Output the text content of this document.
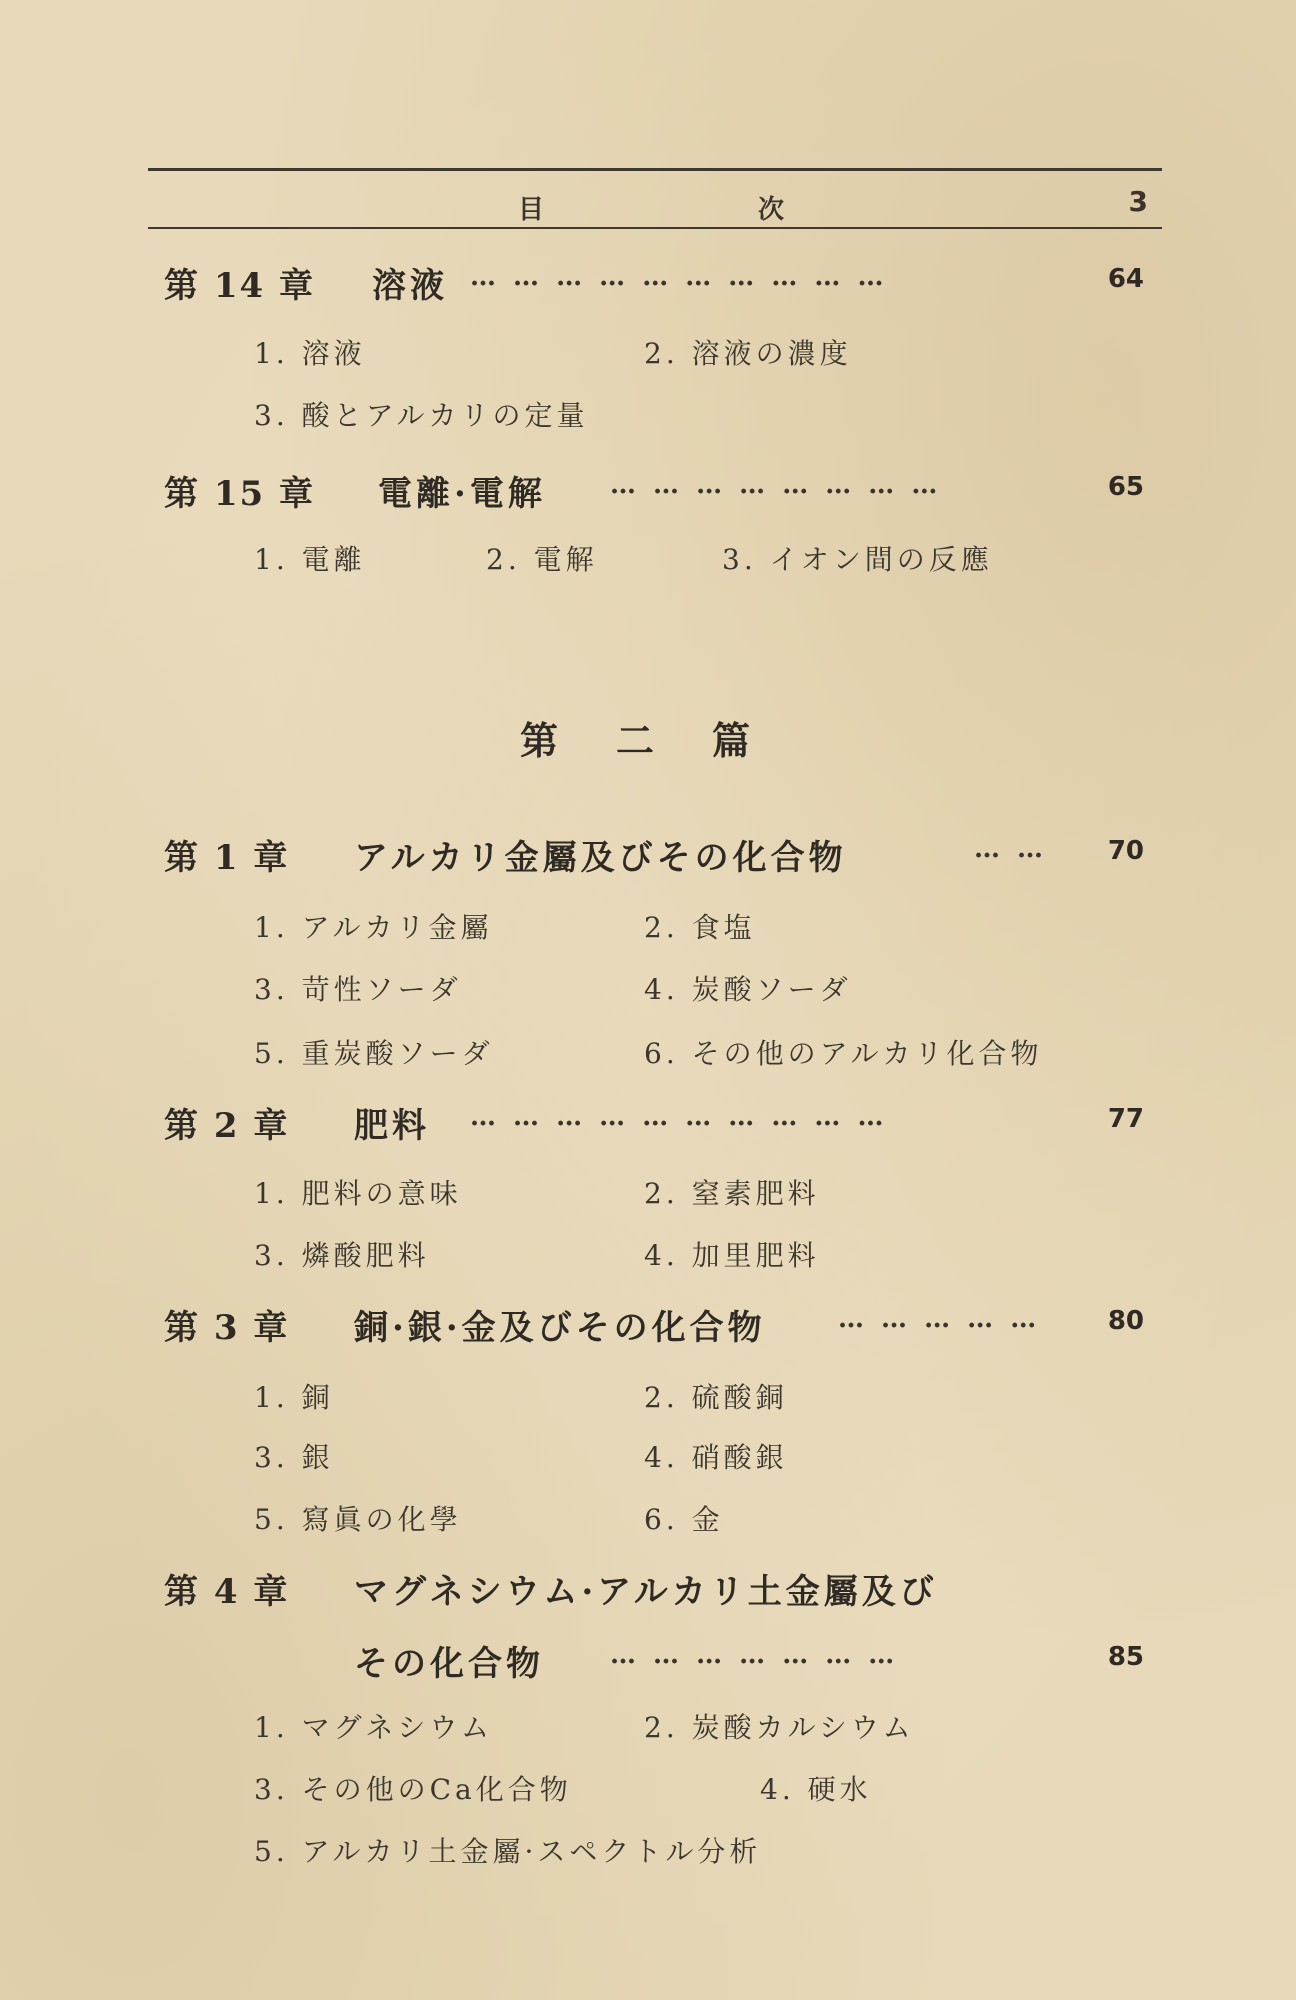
目	次	3
第 14 章 溶液 … … … … … … … … … …	64
1. 溶液	2. 溶液の濃度
3. 酸とアルカリの定量
第 15 章 電離·電解 … … … … … … … …	65
1. 電離	2. 電解	3. イオン間の反應
第二篇
第 1 章 アルカリ金屬及びその化合物	… … 70
1. アルカリ金屬	2. 食塩
3. 苛性ソーダ	4. 炭酸ソーダ
5. 重炭酸ソーダ	6. その他のアルカリ化合物
第 2 章 肥料 … … … … … … … … … …	77
1. 肥料の意味	2. 窒素肥料
3. 燐酸肥料	4. 加里肥料
第 3 章 銅·銀·金及びその化合物	… … … … …	80
1. 銅	2. 硫酸銅
3. 銀	4. 硝酸銀
5. 寫眞の化學	6. 金
第 4 章 マグネシウム·アルカリ土金屬及び
その化合物	… … … … … … …	85
1. マグネシウム	2. 炭酸カルシウム
3. その他のCa化合物	4. 硬水
5. アルカリ土金屬·スペクトル分析
